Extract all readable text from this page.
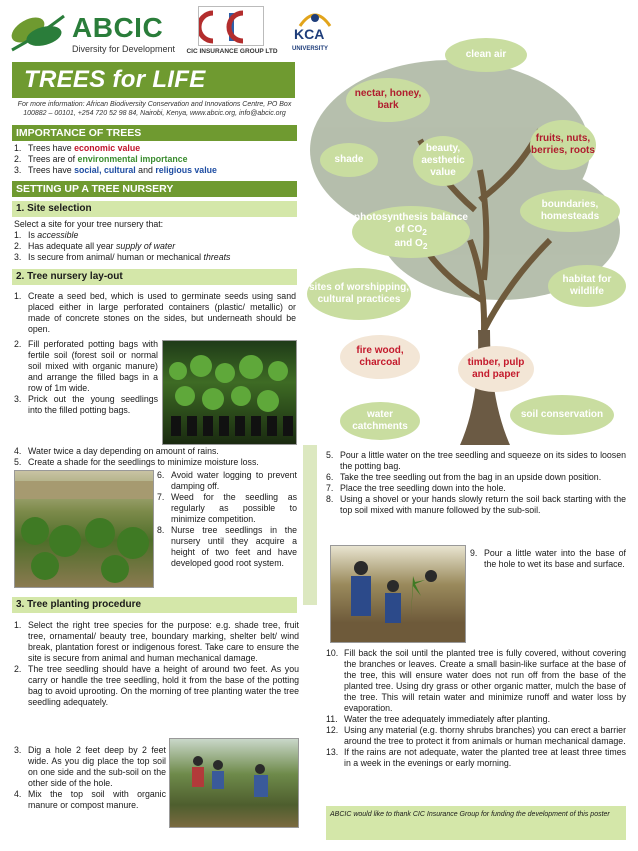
ABCIC
Diversity for Development CIC INSURANCE GROUP LTD
KCA
UNIVERSITY
TREES for LIFE
For more information: African Biodiversity Conservation and Innovations Centre, PO Box 100882 – 00101, +254 720 52 98 84, Nairobi, Kenya, www.abcic.org, info@abcic.org
IMPORTANCE OF TREES
1. Trees have economic value
2. Trees are of environmental importance
3. Trees have social, cultural and religious value
SETTING UP A TREE NURSERY
1. Site selection

Select a site for your tree nursery that:

1. Is accessible
2. Has adequate all year supply of water
3. Is secure from animal/ human or mechanical threats
2. Tree nursery lay-out
1. Create a seed bed, which is used to germinate seeds using sand placed either in large perforated containers (plastic/ metallic) or made of concrete stones on the sides, but underneath should be open.
2. Fill perforated potting bags with fertile soil (forest soil or normal soil mixed with organic manure) and arrange the filled bags in a row of 1m wide.
3. Prick out the young seedlings into the filled potting bags.
4. Water twice a day depending on amount of rains.
5. Create a shade for the seedlings to minimize moisture loss.
6. Avoid water logging to prevent damping off.
7. Weed for the seedling as regularly as possible to minimize competition.
8. Nurse tree seedlings in the nursery until they acquire a height of two feet and have developed good root system.
3. Tree planting procedure
1. Select the right tree species for the purpose: e.g. shade tree, fruit tree, ornamental/ beauty tree, boundary marking, shelter belt/ wind break, plantation forest or indigenous forest. Take care to ensure the site is secure from animal and human mechanical damage.
2. The tree seedling should have a height of around two feet. As you carry or handle the tree seedling, hold it from the base of the potting bag to avoid uprooting. On the morning of tree planting water the tree seedling adequately.
3. Dig a hole 2 feet deep by 2 feet wide. As you dig place the top soil on one side and the sub-soil on the other side of the hole.
4. Mix the top soil with organic manure or compost manure.
clean air
nectar, honey, bark
fruits, nuts, berries, roots
shade
beauty, aesthetic value
boundaries, homesteads
photosynthesis balance of $CO_2$
and $O_2$
sites of worshipping, cultural practices
habitat for wildlife
fire wood, charcoal	timber, pulp and paper
water catchments
soil conservation
5. Pour a little water on the tree seedling and squeeze on its sides to loosen the potting bag.
6. Take the tree seedling out from the bag in an upside down position.
7. Place the tree seedling down into the hole.
8. Using a shovel or your hands slowly return the soil back starting with the top soil mixed with manure followed by the sub-soil.
9. Pour a little water into the base of the hole to wet its base and surface.
10. Fill back the soil until the planted tree is fully covered, without covering the branches or leaves. Create a small basin-like surface at the base of the tree, this will ensure water does not run off from the base of the planted tree. Using dry grass or other organic matter, mulch the base of the tree. This will retain water and minimize runoff and water loss by evaporation.
11. Water the tree adequately immediately after planting.
12. Using any material (e.g. thorny shrubs branches) you can erect a barrier around the tree to protect it from animals or human mechanical damage.
13. If the rains are not adequate, water the planted tree at least three times in a week in the evenings or early morning.
ABCIC would like to thank CIC Insurance Group for funding the development of this poster
